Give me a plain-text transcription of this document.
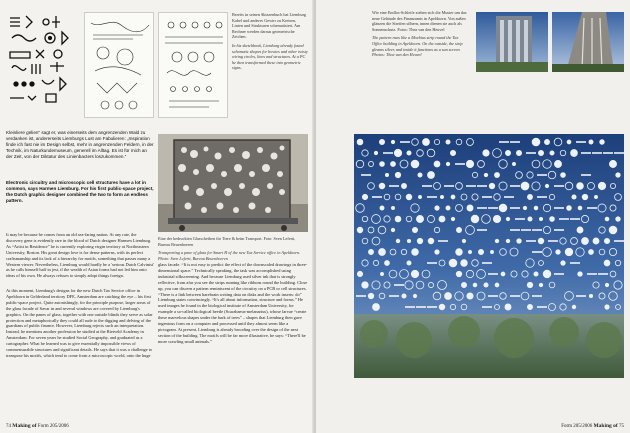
Bereits in seinen Skizzenbuch hat Liemburg Kabel und anderes Gewirr zu Kreisen, Linien und Strukturen schematisiert. Am Rechner werden daraus geometrische Zeichen.

In his sketchbook, Liemburg already found schematic shapes for bowtes and other twisty wiring circles, lines and structures. At a PC he then transformed these into geometric signs.

Kleinliere gelien" sagt er, was einerseits dem angrenzenden Wald zu verdanken ist, andererseits Liemburgs Lust am Fabulieren: „Inspiration finde ich fast nie im Design selbst, mehr in angrenzenden Feldern, in der Technik, im Naturkundemuseum, generell im Alltag. Es ist für mich an der Zeit, von der Diktatur des Linienbacters loszukommen.“

Electronic circuitry and microscopic cell structures have a lot in common, says Harmen Liemburg. For his first public-space project, the Dutch graphic designer combined the two to form an endless pattern.

It may be because he comes from an old sea-faring nation. At any rate, the discovery gene is evidently rare in the blood of Dutch designer Harmen Liemburg. As “Artist in Residence” he is currently exploring virgin territory at Northeastern University, Boston. His great design love is for dense patterns, with its perfect craftsmanship and its lack of a hierarchy for motifs, something that passes many a Western viewer. Nevertheless, Liemburg would hardly be a 'serious Dutch Calvinist' as he calls himself half in jest, if the wealth of Asian forms had not led him onto ideas of his own. He always refuses to simply adopt things foreign.

At this moment, Liemburg's designs for the new Dutch Tax Service office in Apeldoorn in Gelderland territory DFE, Amsterdam are catching the eye – his first public-space project. Quite astonishingly, for the principle purpose, larger areas of the glass facade of Savar in and several windows are covered by Liemburg's graphics. On the panes of glass, together with one outside blinds they serve as solar protection and metaphorically they could all rude to the digging and delving of the guardians of public finance. However, Liemburg rejects such an interpretation. Instead, he mentions another profession he studied at the Rietveld Academy in Amsterdam. For seven years he studied Social Geography, and graduated as a cartographer. What he learned was to give essentially impossible views of commensurable structures and significant details. He says that it was a challenge to transpose his motifs, which tend to come from a microscopic world, onto the huge

Eine der bedruckten Glasscheiben für Tiere & beim Transport. Foto: Sven Leferti, Bureau Beuenboeren

Transporting a pane of glass for Smart H of the new Tax Service office in Apeldoorn. Photo: Sven Leferti, Bureau Beuenboeren

glass facade. “It is not easy to predict the effect of the downscaled drawings in three-dimensional space.” Technically speaking, the task was accomplished using industrial silkscreening. And because Liemburg used silver ink that is strongly reflective, from afar you see the strips running like ribbons round the building. Close up, you can discern a pattern reminiscent of the circuitry on a PCB or cell structures. “There is a link between harebrain writing data on disks and the work inserts: do” Liemburg states convincingly. “It's all about information, structure and forms.” He used images he found in the biological institute of Amsterdam University, for example a so-called biological beetle (Scarabaeus-melanarius), whose larvae “create these marvelous shapes under the bark of trees” – shapes that Liemburg then gave ingenious form on a computer and processed until they almost seem like a pictogram. At present, Liemburg is already brooding over the design of the next section of the building. The motifs will be far more illustrative, he says: “There'll be more crawling small animals.”

74 Making of Form 205/2006

Wie eine Endlos-Schleife ziehen sich die Muster um das neue Gebäude des Finanzamts in Apeldoorn. Von außen glänzen die Streifen silbern, innen dienen sie auch als Sonnenschutz. Fotos: Thea van den Heuvel

The pattern runs like a Moebius strip round the Tax Office building in Apeldoorn. On the outside, the strip gleams silver, and inside it functions as a sun screen. Photos: Thea van den Heuvel

Form 205/2006 Making of 75
